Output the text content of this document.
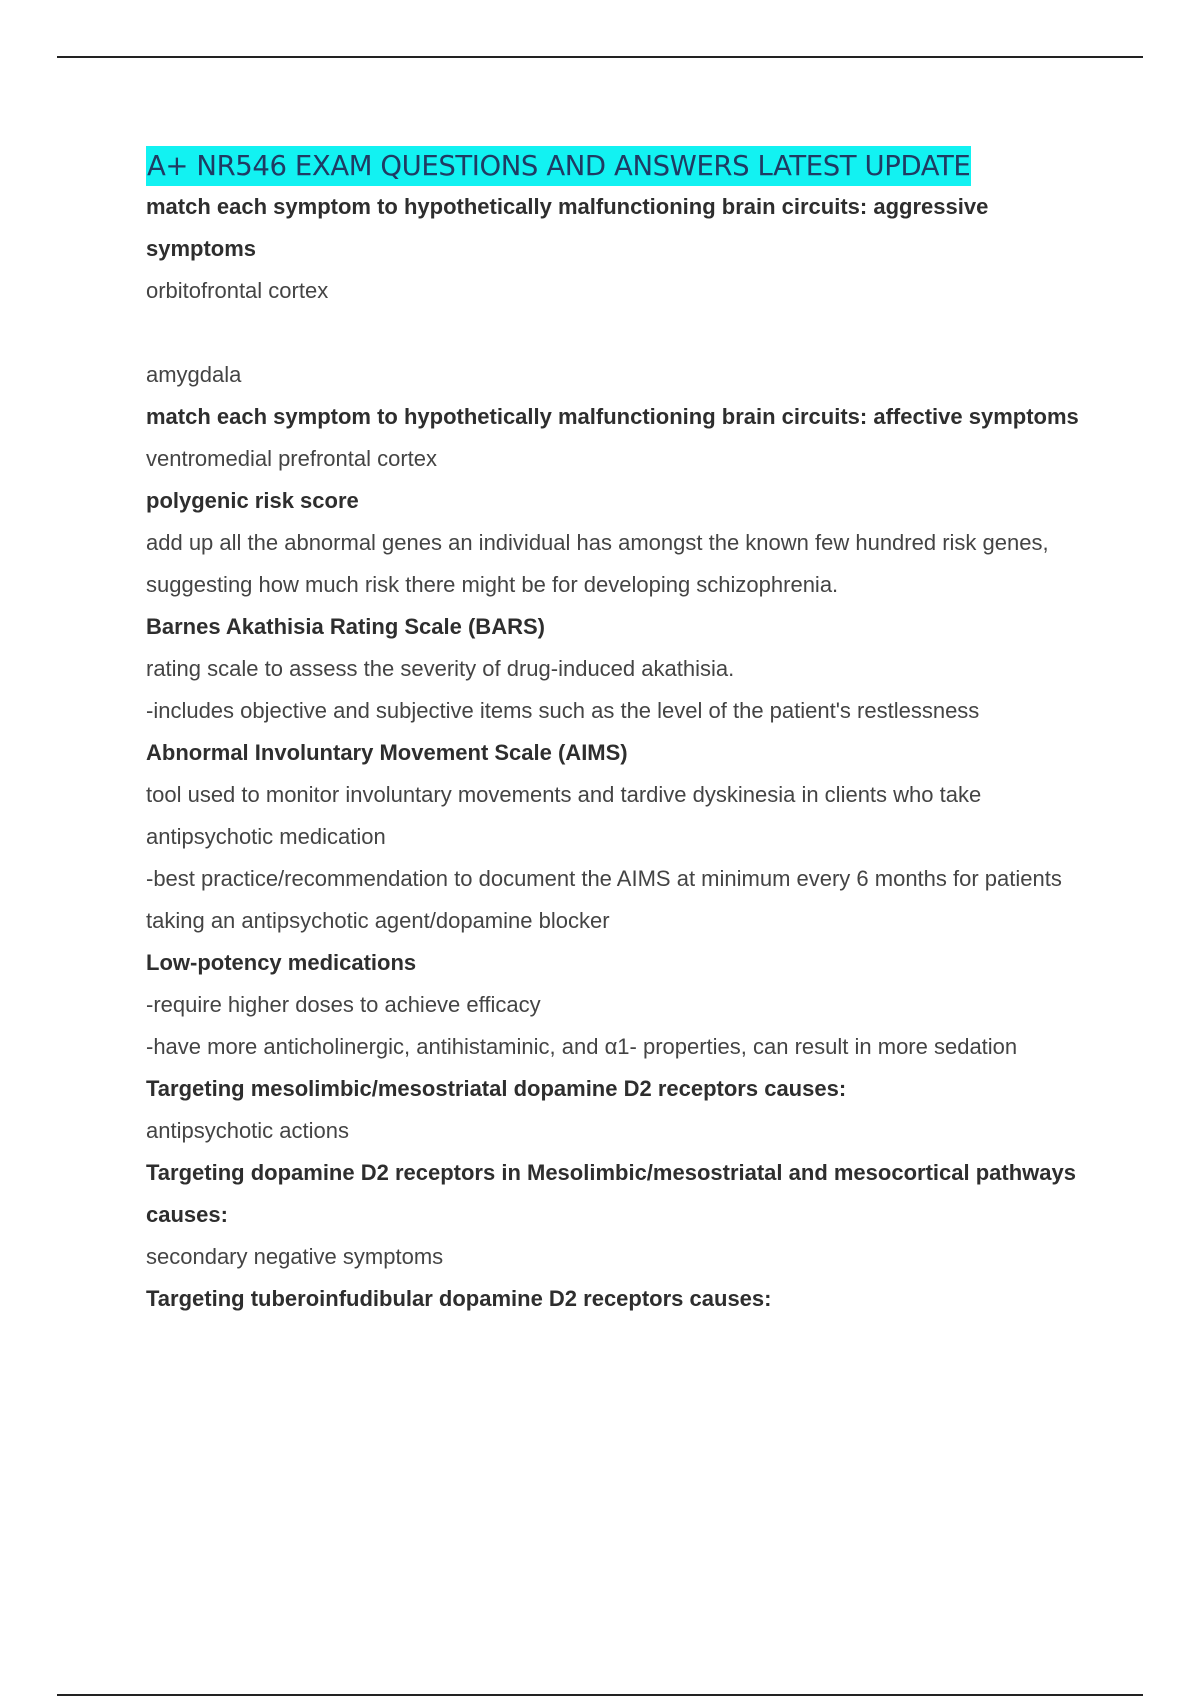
A+ NR546 EXAM QUESTIONS AND ANSWERS LATEST UPDATE
match each symptom to hypothetically malfunctioning brain circuits: aggressive symptoms
orbitofrontal cortex
amygdala
match each symptom to hypothetically malfunctioning brain circuits: affective symptoms
ventromedial prefrontal cortex
polygenic risk score
add up all the abnormal genes an individual has amongst the known few hundred risk genes, suggesting how much risk there might be for developing schizophrenia.
Barnes Akathisia Rating Scale (BARS)
rating scale to assess the severity of drug-induced akathisia.
-includes objective and subjective items such as the level of the patient's restlessness
Abnormal Involuntary Movement Scale (AIMS)
tool used to monitor involuntary movements and tardive dyskinesia in clients who take antipsychotic medication
-best practice/recommendation to document the AIMS at minimum every 6 months for patients taking an antipsychotic agent/dopamine blocker
Low-potency medications
-require higher doses to achieve efficacy
-have more anticholinergic, antihistaminic, and α1- properties, can result in more sedation
Targeting mesolimbic/mesostriatal dopamine D2 receptors causes:
antipsychotic actions
Targeting dopamine D2 receptors in Mesolimbic/mesostriatal and mesocortical pathways causes:
secondary negative symptoms
Targeting tuberoinfudibular dopamine D2 receptors causes:
